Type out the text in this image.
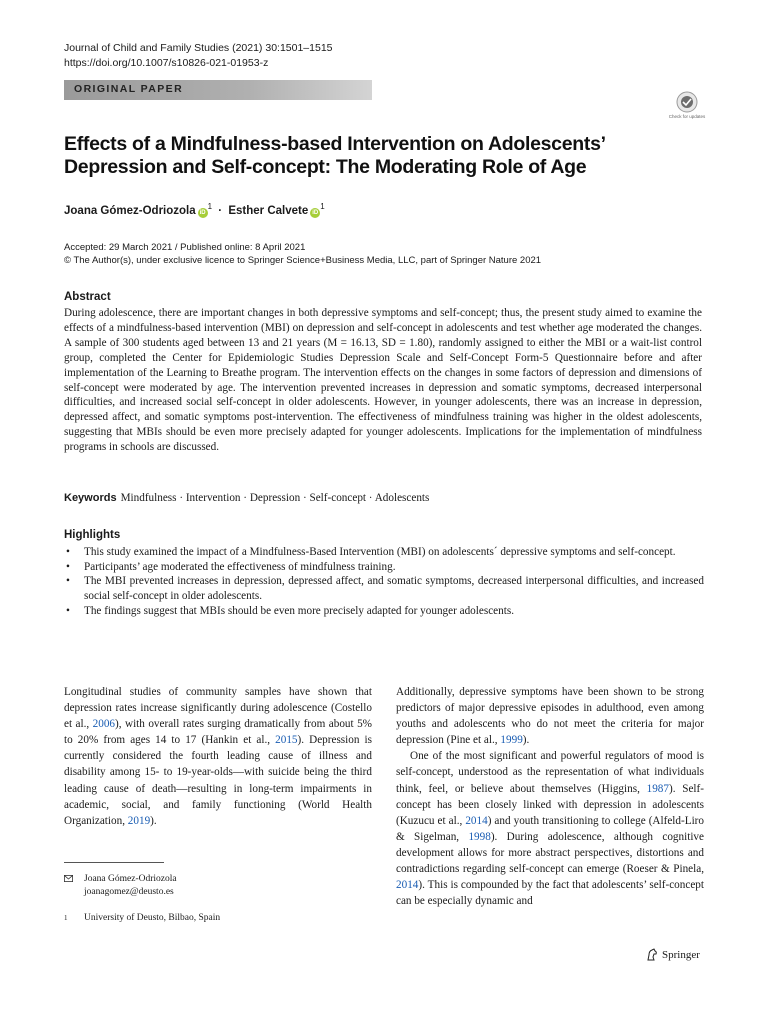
Journal of Child and Family Studies (2021) 30:1501–1515
https://doi.org/10.1007/s10826-021-01953-z
ORIGINAL PAPER
Check for updates
Effects of a Mindfulness-based Intervention on Adolescents’
Depression and Self-concept: The Moderating Role of Age
Joana Gómez-Odriozola $iD^1$ · Esther Calvete $iD^1$
Accepted: 29 March 2021 / Published online: 8 April 2021
© The Author(s), under exclusive licence to Springer Science+Business Media, LLC, part of Springer Nature 2021
Abstract
During adolescence, there are important changes in both depressive symptoms and self-concept; thus, the present study aimed to examine the effects of a mindfulness-based intervention (MBI) on depression and self-concept in adolescents and test whether age moderated the changes. A sample of 300 students aged between 13 and 21 years (M = 16.13, SD = 1.80), randomly assigned to either the MBI or a wait-list control group, completed the Center for Epidemiologic Studies Depression Scale and Self-Concept Form-5 Questionnaire before and after implementation of the Learning to Breathe program. The intervention effects on the changes in some factors of depression and dimensions of self-concept were moderated by age. The intervention prevented increases in depression and somatic symptoms, decreased interpersonal difficulties, and increased social self-concept in older adolescents. However, in younger adolescents, there was an increase in depression, depressed affect, and somatic symptoms post-intervention. The effectiveness of mindfulness training was higher in the oldest adolescents, suggesting that MBIs should be even more precisely adapted for younger adolescents. Implications for the implementation of mindfulness programs in schools are discussed.
Keywords Mindfulness · Intervention · Depression · Self-concept · Adolescents
Highlights
• This study examined the impact of a Mindfulness-Based Intervention (MBI) on adolescents´ depressive symptoms and self-concept.
• Participants’ age moderated the effectiveness of mindfulness training.
• The MBI prevented increases in depression, depressed affect, and somatic symptoms, decreased interpersonal difficulties, and increased social self-concept in older adolescents.
• The findings suggest that MBIs should be even more precisely adapted for younger adolescents.

Longitudinal studies of community samples have shown that depression rates increase significantly during adolescence (Costello et al., 2006), with overall rates surging dramatically from about 5% to 20% from ages 14 to 17 (Hankin et al., 2015). Depression is currently considered the fourth leading cause of illness and disability among 15- to 19-year-olds—with suicide being the third leading cause of death—resulting in long-term impairments in academic, social, and family functioning (World Health Organization, 2019).

Additionally, depressive symptoms have been shown to be strong predictors of major depressive episodes in adulthood, even among youths and adolescents who do not meet the criteria for major depression (Pine et al., 1999).

One of the most significant and powerful regulators of mood is self-concept, understood as the representation of what individuals think, feel, or believe about themselves (Higgins, 1987). Self-concept has been closely linked with depression in adolescents (Kuzucu et al., 2014) and youth transitioning to college (Alfeld-Liro & Sigelman, 1998). During adolescence, although cognitive development allows for more abstract perspectives, distortions and contradictions regarding self-concept can emerge (Roeser & Pinela, 2014). This is compounded by the fact that adolescents’ self-concept can be especially dynamic and

Joana Gómez-Odriozola
joanagomez@deusto.es
1	University of Deusto, Bilbao, Spain
Springer
